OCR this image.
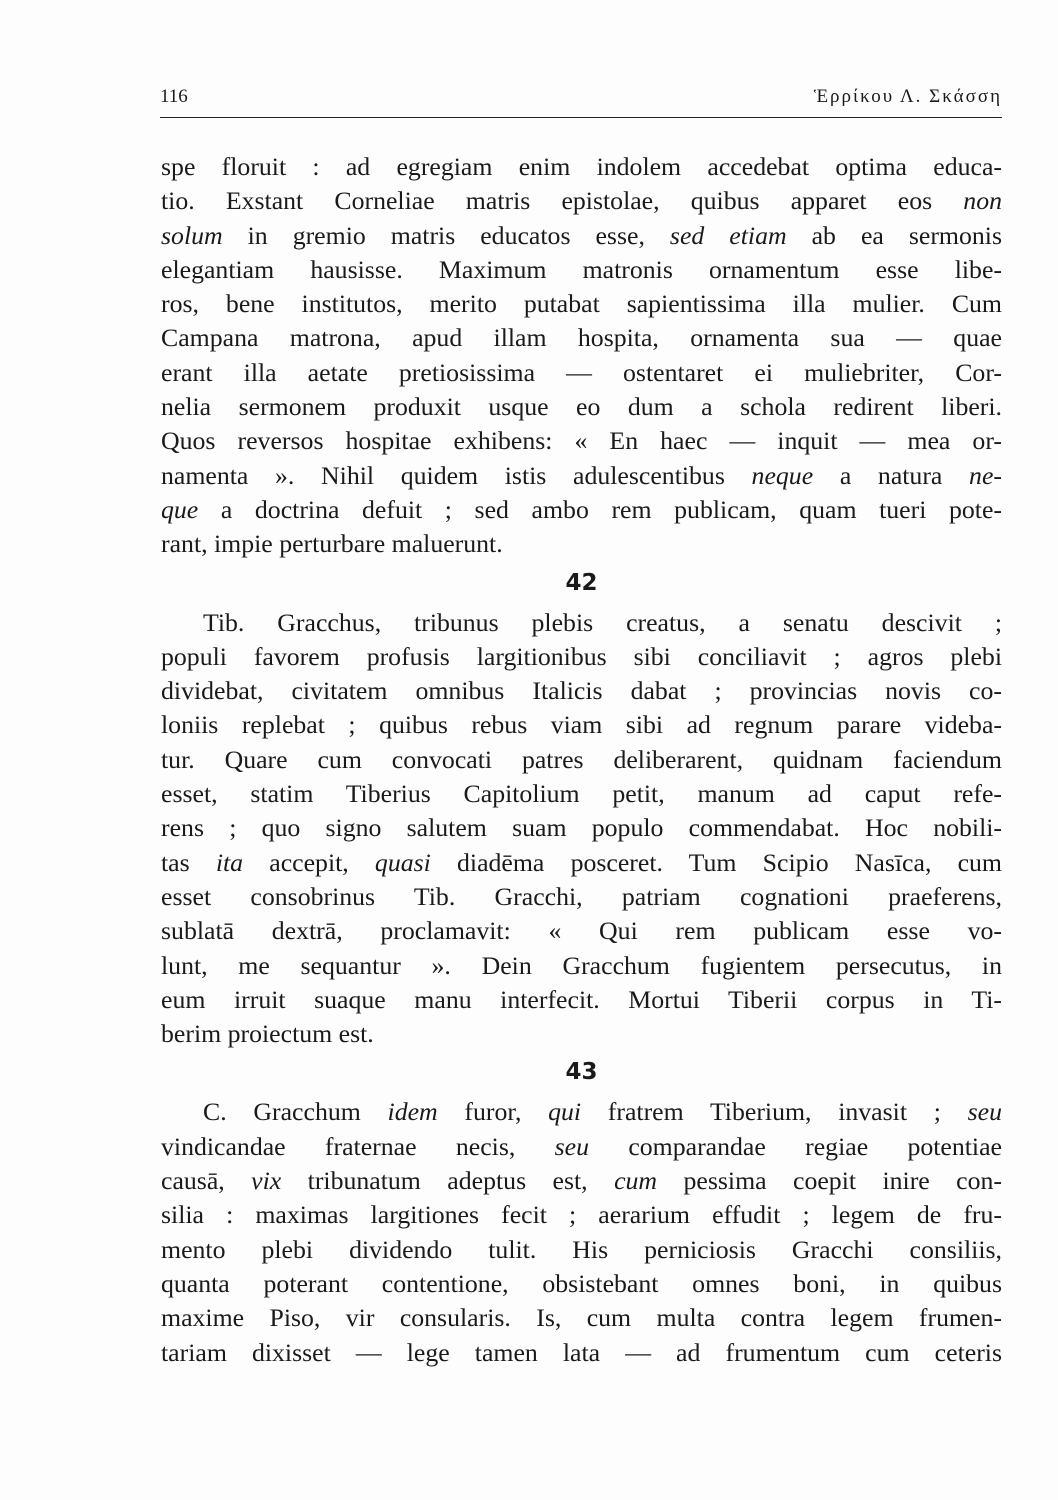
116	Ἑρρίκου Λ. Σκάσση
spe floruit : ad egregiam enim indolem accedebat optima educa-
tio. Exstant Corneliae matris epistolae, quibus apparet eos non
solum in gremio matris educatos esse, sed etiam ab ea sermonis
elegantiam hausisse. Maximum matronis ornamentum esse libe-
ros, bene institutos, merito putabat sapientissima illa mulier. Cum
Campana matrona, apud illam hospita, ornamenta sua — quae
erant illa aetate pretiosissima — ostentaret ei muliebriter, Cor-
nelia sermonem produxit usque eo dum a schola redirent liberi.
Quos reversos hospitae exhibens: « En haec — inquit — mea or-
namenta ». Nihil quidem istis adulescentibus neque a natura ne-
que a doctrina defuit ; sed ambo rem publicam, quam tueri pote-
rant, impie perturbare maluerunt.
42
Tib. Gracchus, tribunus plebis creatus, a senatu descivit ;
populi favorem profusis largitionibus sibi conciliavit ; agros plebi
dividebat, civitatem omnibus Italicis dabat ; provincias novis co-
loniis replebat ; quibus rebus viam sibi ad regnum parare videba-
tur. Quare cum convocati patres deliberarent, quidnam faciendum
esset, statim Tiberius Capitolium petit, manum ad caput refe-
rens ; quo signo salutem suam populo commendabat. Hoc nobili-
tas ita accepit, quasi diadēma posceret. Tum Scipio Nasīca, cum
esset consobrinus Tib. Gracchi, patriam cognationi praeferens,
sublatā dextrā, proclamavit: « Qui rem publicam esse vo-
lunt, me sequantur ». Dein Gracchum fugientem persecutus, in
eum irruit suaque manu interfecit. Mortui Tiberii corpus in Ti-
berim proiectum est.
43
C. Gracchum idem furor, qui fratrem Tiberium, invasit ; seu
vindicandae fraternae necis, seu comparandae regiae potentiae
causā, vix tribunatum adeptus est, cum pessima coepit inire con-
silia : maximas largitiones fecit ; aerarium effudit ; legem de fru-
mento plebi dividendo tulit. His perniciosis Gracchi consiliis,
quanta poterant contentione, obsistebant omnes boni, in quibus
maxime Piso, vir consularis. Is, cum multa contra legem frumen-
tariam dixisset — lege tamen lata — ad frumentum cum ceteris
